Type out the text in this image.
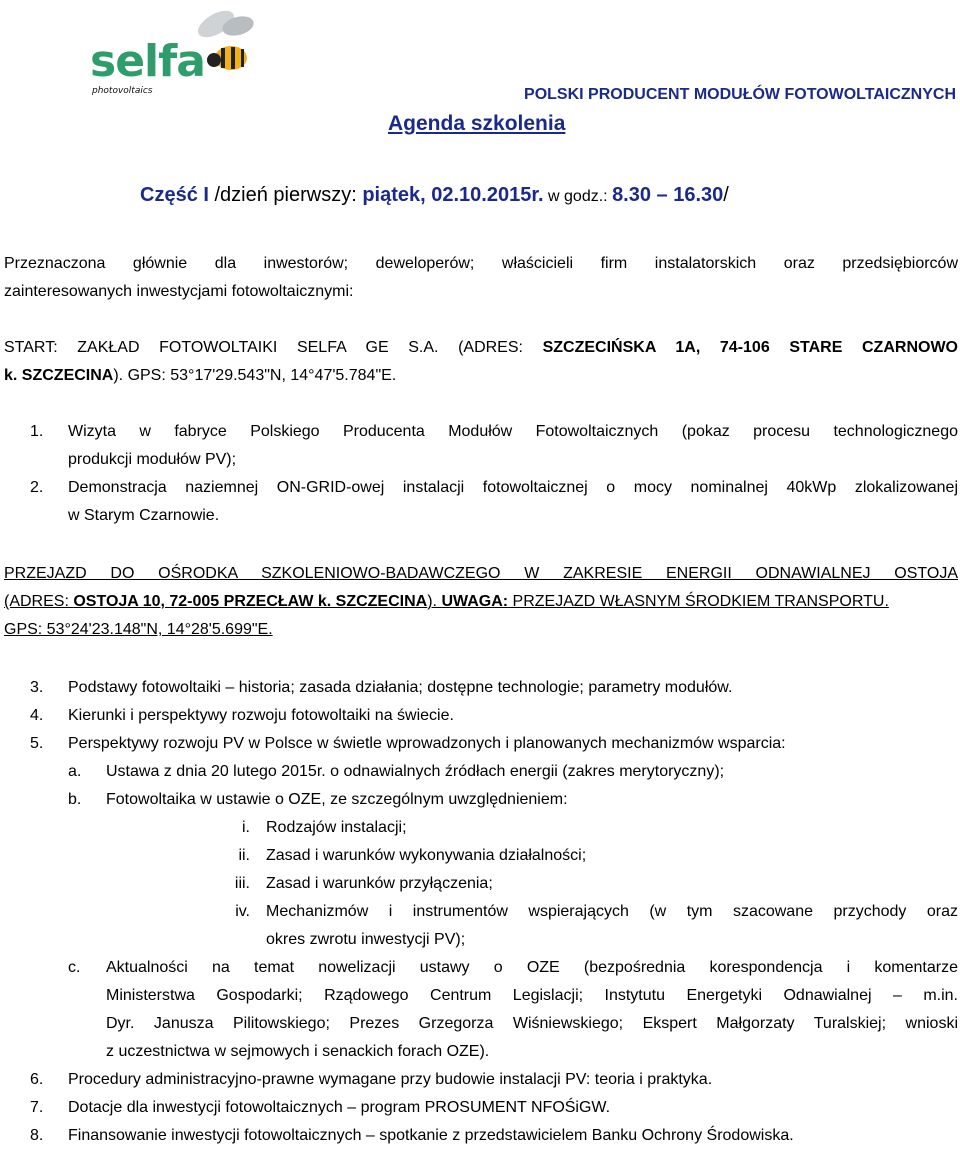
selfa
photovoltaics	POLSKI PRODUCENT MODUŁÓW FOTOWOLTAICZNYCH
Agenda szkolenia
Część I /dzień pierwszy: piątek, 02.10.2015r. w godz.: 8.30 – 16.30/
Przeznaczona głównie dla inwestorów; deweloperów; właścicieli firm instalatorskich oraz przedsiębiorców
zainteresowanych inwestycjami fotowoltaicznymi:
START: ZAKŁAD FOTOWOLTAIKI SELFA GE S.A. (ADRES: SZCZECIŃSKA 1A, 74-106 STARE CZARNOWO
k. SZCZECINA). GPS: 53°17'29.543"N, 14°47'5.784"E.
1. Wizyta w fabryce Polskiego Producenta Modułów Fotowoltaicznych (pokaz procesu technologicznego
produkcji modułów PV);
2. Demonstracja naziemnej ON-GRID-owej instalacji fotowoltaicznej o mocy nominalnej 40kWp zlokalizowanej
w Starym Czarnowie.
PRZEJAZD DO OŚRODKA SZKOLENIOWO-BADAWCZEGO W ZAKRESIE ENERGII ODNAWIALNEJ OSTOJA
(ADRES: OSTOJA 10, 72-005 PRZECŁAW k. SZCZECINA). UWAGA: PRZEJAZD WŁASNYM ŚRODKIEM TRANSPORTU.
GPS: 53°24'23.148"N, 14°28'5.699"E.
3. Podstawy fotowoltaiki – historia; zasada działania; dostępne technologie; parametry modułów.
4. Kierunki i perspektywy rozwoju fotowoltaiki na świecie.
5. Perspektywy rozwoju PV w Polsce w świetle wprowadzonych i planowanych mechanizmów wsparcia:
a. Ustawa z dnia 20 lutego 2015r. o odnawialnych źródłach energii (zakres merytoryczny);
b. Fotowoltaika w ustawie o OZE, ze szczególnym uwzględnieniem:
i. Rodzajów instalacji;
ii. Zasad i warunków wykonywania działalności;
iii. Zasad i warunków przyłączenia;
iv. Mechanizmów i instrumentów wspierających (w tym szacowane przychody oraz
okres zwrotu inwestycji PV);
c. Aktualności na temat nowelizacji ustawy o OZE (bezpośrednia korespondencja i komentarze
Ministerstwa Gospodarki; Rządowego Centrum Legislacji; Instytutu Energetyki Odnawialnej – m.in.
Dyr. Janusza Pilitowskiego; Prezes Grzegorza Wiśniewskiego; Ekspert Małgorzaty Turalskiej; wnioski
z uczestnictwa w sejmowych i senackich forach OZE).
6. Procedury administracyjno-prawne wymagane przy budowie instalacji PV: teoria i praktyka.
7. Dotacje dla inwestycji fotowoltaicznych – program PROSUMENT NFOŚiGW.
8. Finansowanie inwestycji fotowoltaicznych – spotkanie z przedstawicielem Banku Ochrony Środowiska.
